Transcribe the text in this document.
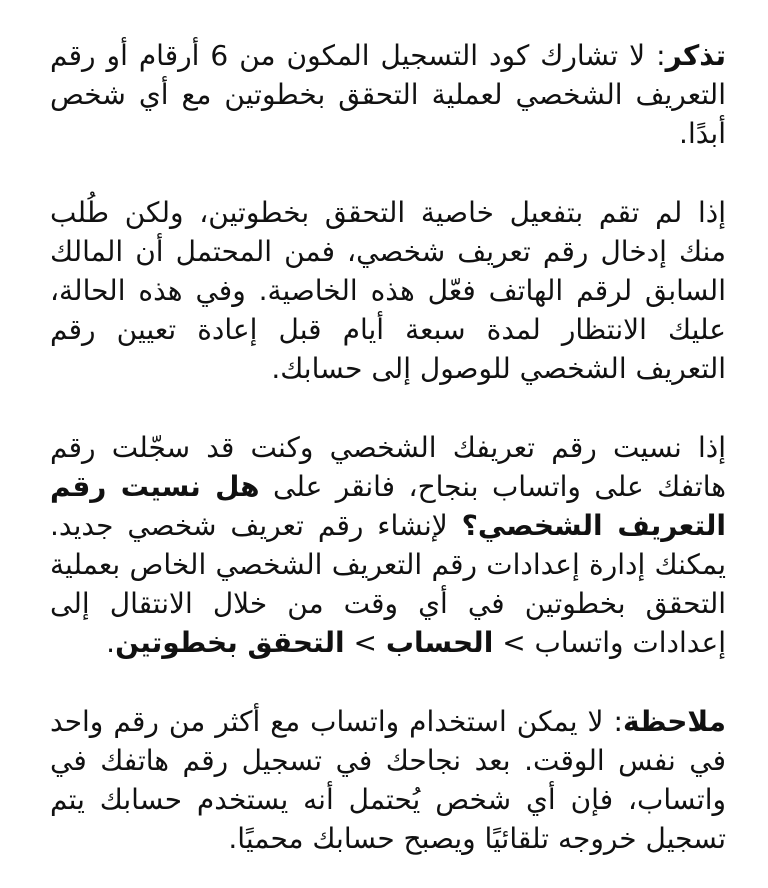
تذكر: لا تشارك كود التسجيل المكون من 6 أرقام أو رقم التعريف الشخصي لعملية التحقق بخطوتين مع أي شخص أبدًا.

إذا لم تقم بتفعيل خاصية التحقق بخطوتين، ولكن طُلب منك إدخال رقم تعريف شخصي، فمن المحتمل أن المالك السابق لرقم الهاتف فعّل هذه الخاصية. وفي هذه الحالة، عليك الانتظار لمدة سبعة أيام قبل إعادة تعيين رقم التعريف الشخصي للوصول إلى حسابك.

إذا نسيت رقم تعريفك الشخصي وكنت قد سجّلت رقم هاتفك على واتساب بنجاح، فانقر على هل نسيت رقم التعريف الشخصي؟ لإنشاء رقم تعريف شخصي جديد. يمكنك إدارة إعدادات رقم التعريف الشخصي الخاص بعملية التحقق بخطوتين في أي وقت من خلال الانتقال إلى إعدادات واتساب > الحساب > التحقق بخطوتين.

ملاحظة: لا يمكن استخدام واتساب مع أكثر من رقم واحد في نفس الوقت. بعد نجاحك في تسجيل رقم هاتفك في واتساب، فإن أي شخص يُحتمل أنه يستخدم حسابك يتم تسجيل خروجه تلقائيًا ويصبح حسابك محميًا.
